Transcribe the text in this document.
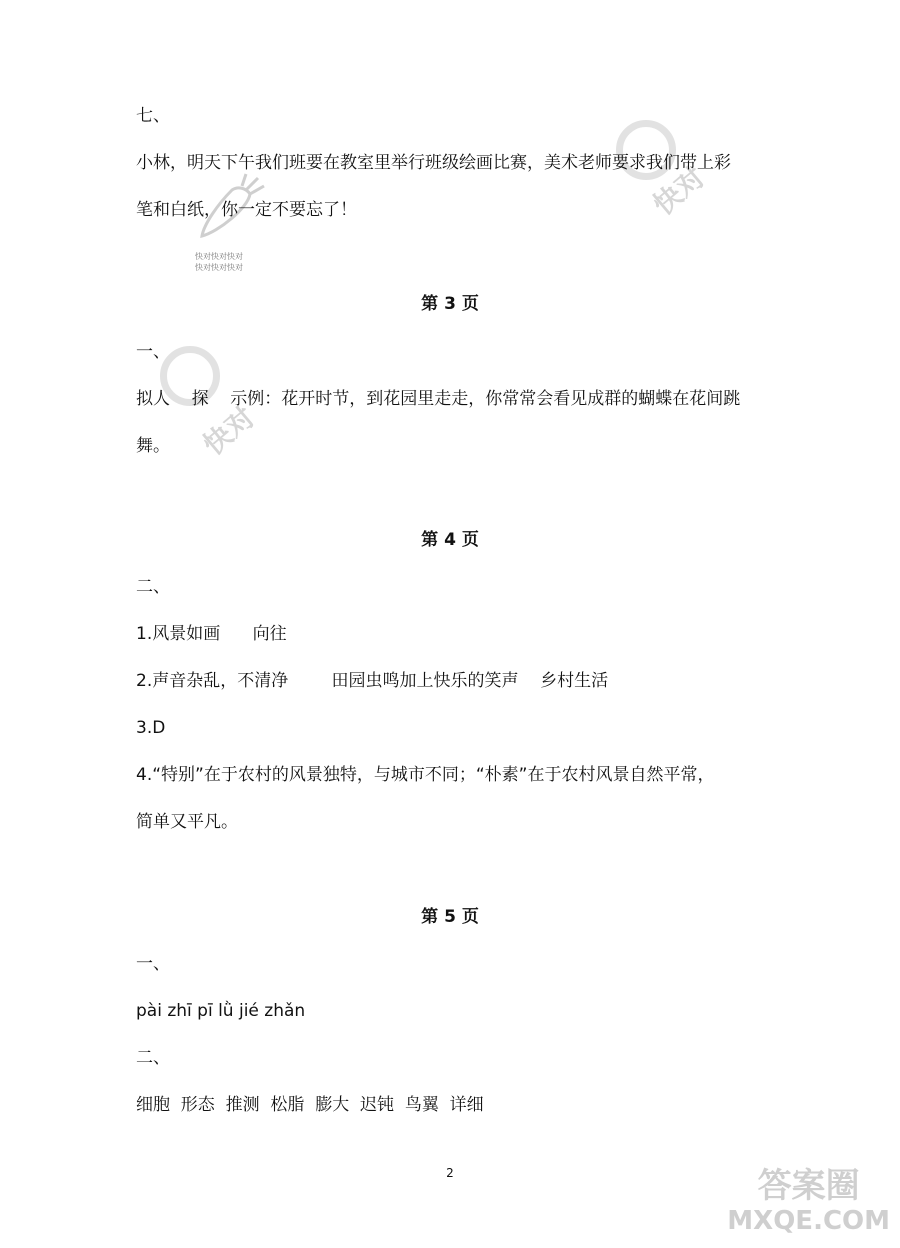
快对
快对
快对快对快对
快对快对快对
七、
小林，明天下午我们班要在教室里举行班级绘画比赛，美术老师要求我们带上彩
笔和白纸，你一定不要忘了！
第 3 页
一、
拟人    探    示例：花开时节，到花园里走走，你常常会看见成群的蝴蝶在花间跳
舞。
第 4 页
二、
1.风景如画      向往
2.声音杂乱，不清净        田园虫鸣加上快乐的笑声    乡村生活
3.D
4.“特别”在于农村的风景独特，与城市不同；“朴素”在于农村风景自然平常，
简单又平凡。
第 5 页
一、
pài zhī pī lǜ jié zhǎn
二、
细胞  形态  推测  松脂  膨大  迟钝  鸟翼  详细
2	答案圈
MXQE.COM
